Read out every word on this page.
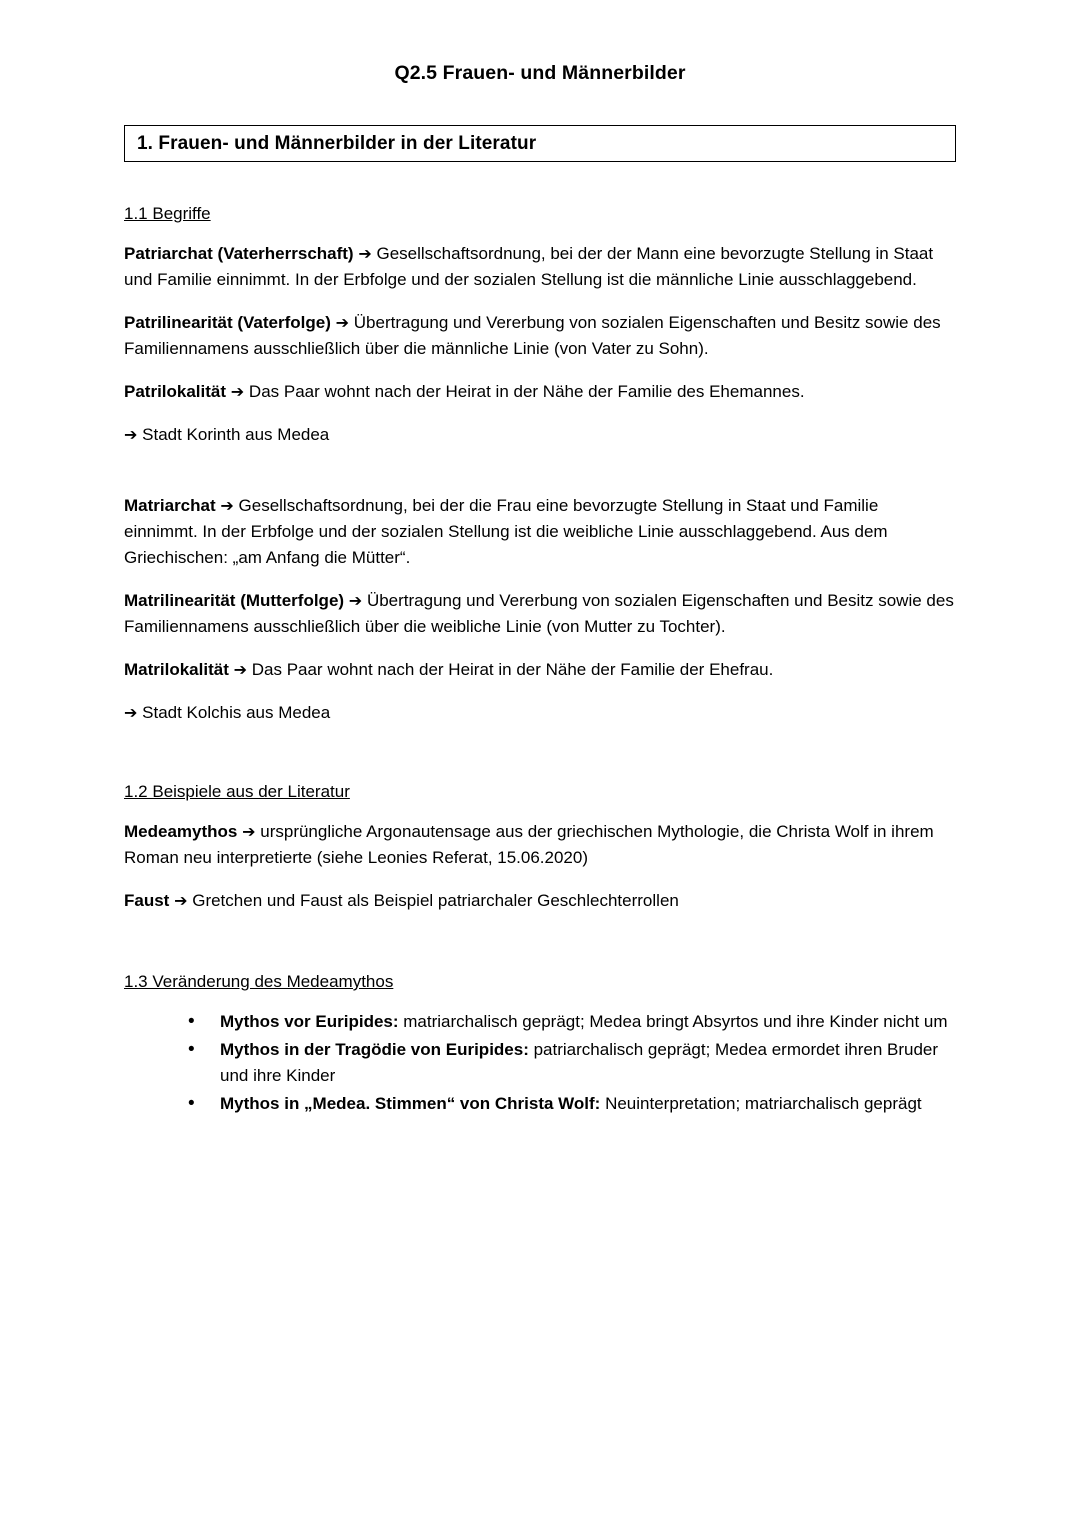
Q2.5 Frauen- und Männerbilder
1. Frauen- und Männerbilder in der Literatur
1.1 Begriffe

Patriarchat (Vaterherrschaft) ➔ Gesellschaftsordnung, bei der der Mann eine bevorzugte Stellung in Staat und Familie einnimmt. In der Erbfolge und der sozialen Stellung ist die männliche Linie ausschlaggebend.

Patrilinearität (Vaterfolge) ➔ Übertragung und Vererbung von sozialen Eigenschaften und Besitz sowie des Familiennamens ausschließlich über die männliche Linie (von Vater zu Sohn).

Patrilokalität ➔ Das Paar wohnt nach der Heirat in der Nähe der Familie des Ehemannes.

➔ Stadt Korinth aus Medea

Matriarchat ➔ Gesellschaftsordnung, bei der die Frau eine bevorzugte Stellung in Staat und Familie einnimmt. In der Erbfolge und der sozialen Stellung ist die weibliche Linie ausschlaggebend. Aus dem Griechischen: „am Anfang die Mütter“.

Matrilinearität (Mutterfolge) ➔ Übertragung und Vererbung von sozialen Eigenschaften und Besitz sowie des Familiennamens ausschließlich über die weibliche Linie (von Mutter zu Tochter).

Matrilokalität ➔ Das Paar wohnt nach der Heirat in der Nähe der Familie der Ehefrau.

➔ Stadt Kolchis aus Medea

1.2 Beispiele aus der Literatur

Medeamythos ➔ ursprüngliche Argonautensage aus der griechischen Mythologie, die Christa Wolf in ihrem Roman neu interpretierte (siehe Leonies Referat, 15.06.2020)

Faust ➔ Gretchen und Faust als Beispiel patriarchaler Geschlechterrollen

1.3 Veränderung des Medeamythos
• Mythos vor Euripides: matriarchalisch geprägt; Medea bringt Absyrtos und ihre Kinder nicht um
• Mythos in der Tragödie von Euripides: patriarchalisch geprägt; Medea ermordet ihren Bruder und ihre Kinder
• Mythos in „Medea. Stimmen“ von Christa Wolf: Neuinterpretation; matriarchalisch geprägt
